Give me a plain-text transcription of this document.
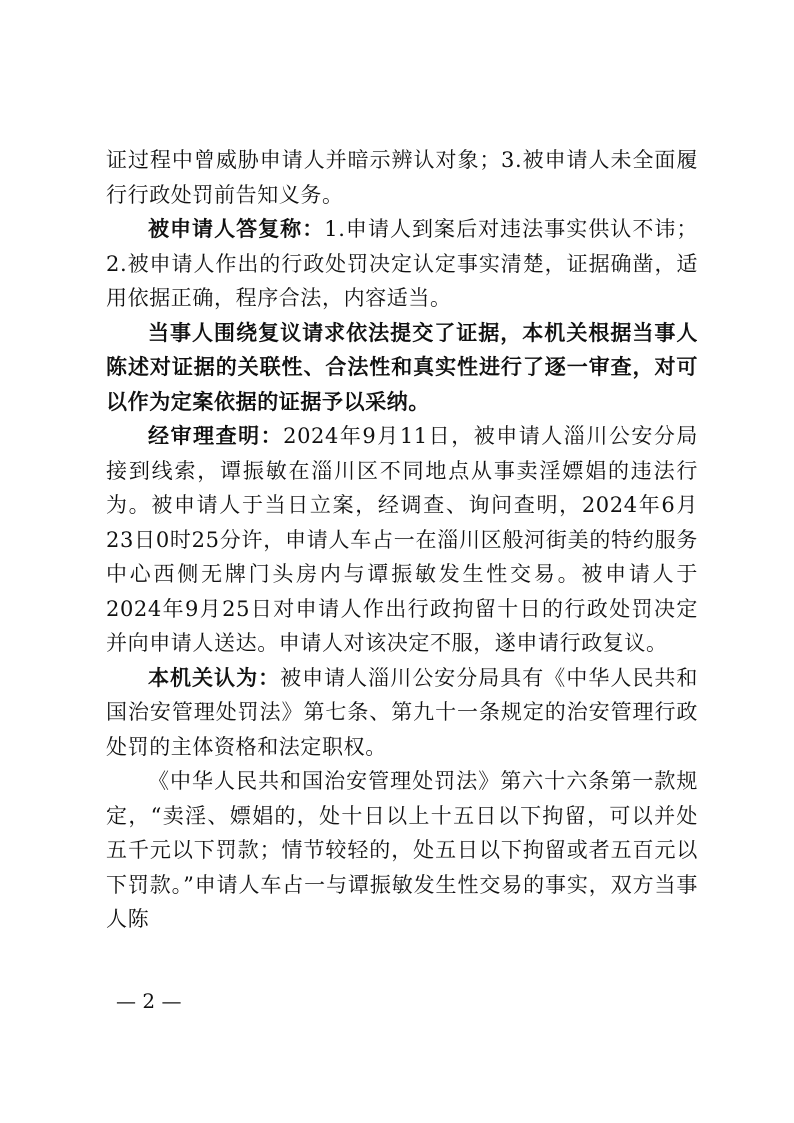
证过程中曾威胁申请人并暗示辨认对象；3.被申请人未全面履行行政处罚前告知义务。

被申请人答复称：1.申请人到案后对违法事实供认不讳；2.被申请人作出的行政处罚决定认定事实清楚，证据确凿，适用依据正确，程序合法，内容适当。

当事人围绕复议请求依法提交了证据，本机关根据当事人陈述对证据的关联性、合法性和真实性进行了逐一审查，对可以作为定案依据的证据予以采纳。

经审理查明：2024年9月11日，被申请人淄川公安分局接到线索，谭振敏在淄川区不同地点从事卖淫嫖娼的违法行为。被申请人于当日立案，经调查、询问查明，2024年6月23日0时25分许，申请人车占一在淄川区般河街美的特约服务中心西侧无牌门头房内与谭振敏发生性交易。被申请人于2024年9月25日对申请人作出行政拘留十日的行政处罚决定并向申请人送达。申请人对该决定不服，遂申请行政复议。

本机关认为：被申请人淄川公安分局具有《中华人民共和国治安管理处罚法》第七条、第九十一条规定的治安管理行政处罚的主体资格和法定职权。

《中华人民共和国治安管理处罚法》第六十六条第一款规定，“卖淫、嫖娼的，处十日以上十五日以下拘留，可以并处五千元以下罚款；情节较轻的，处五日以下拘留或者五百元以下罚款。”申请人车占一与谭振敏发生性交易的事实，双方当事人陈

— 2 —
